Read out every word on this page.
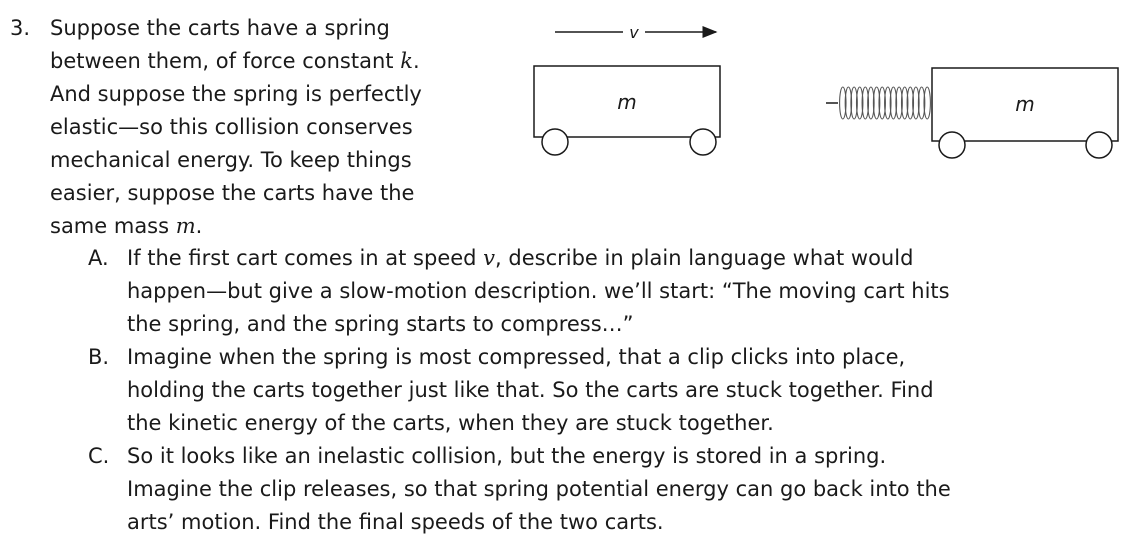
3. Suppose the carts have a spring
between them, of force constant k.
And suppose the spring is perfectly
elastic—so this collision conserves
mechanical energy. To keep things
easier, suppose the carts have the
same mass m.
v
m	m
A. If the first cart comes in at speed v, describe in plain language what would
happen—but give a slow-motion description. we’ll start: “The moving cart hits
the spring, and the spring starts to compress…”
B. Imagine when the spring is most compressed, that a clip clicks into place,
holding the carts together just like that. So the carts are stuck together. Find
the kinetic energy of the carts, when they are stuck together.
C. So it looks like an inelastic collision, but the energy is stored in a spring.
Imagine the clip releases, so that spring potential energy can go back into the
arts’ motion. Find the final speeds of the two carts.
